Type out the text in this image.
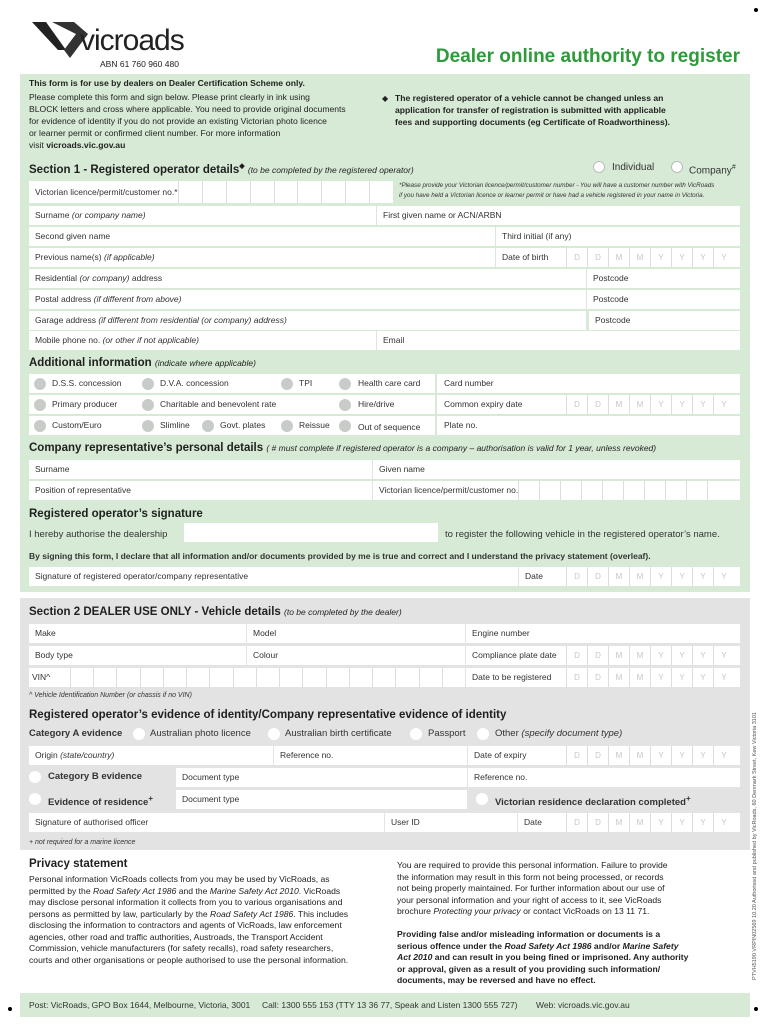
vicroads
ABN 61 760 960 480	Dealer online authority to register
This form is for use by dealers on Dealer Certification Scheme only.
Please complete this form and sign below. Please print clearly in ink using
BLOCK letters and cross where applicable. You need to provide original documents
for evidence of identity if you do not provide an existing Victorian photo licence
or learner permit or confirmed client number. For more information
visit vicroads.vic.gov.au
◆ The registered operator of a vehicle cannot be changed unless an
application for transfer of registration is submitted with applicable
fees and supporting documents (eg Certificate of Roadworthiness).
Section 1 - Registered operator details◆ (to be completed by the registered operator)	Individual	Company#
Victorian licence/permit/customer no.*
*Please provide your Victorian licence/permit/customer number - You will have a customer number with VicRoads
if you have held a Victorian licence or learner permit or have had a vehicle registered in your name in Victoria.
Surname (or company name)	First given name or ACN/ARBN
Second given name	Third initial (if any)
Previous name(s) (if applicable)	Date of birth	D	D	M	M	Y	Y	Y	Y
Residential (or company) address	Postcode
Postal address (if different from above)	Postcode
Garage address (if different from residential (or company) address)	Postcode
Mobile phone no. (or other if not applicable)	Email
Additional information (indicate where applicable)
D.S.S. concession	D.V.A. concession	TPI	Health care card	Card number
Primary producer	Charitable and benevolent rate	Hire/drive	Common expiry date	D	D	M	M	Y	Y	Y	Y
Custom/Euro	Slimline	Govt. plates	Reissue	Out of sequence	Plate no.
Company representative’s personal details ( # must complete if registered operator is a company – authorisation is valid for 1 year, unless revoked)
Surname	Given name
Position of representative	Victorian licence/permit/customer no.
Registered operator’s signature
I hereby authorise the dealership	to register the following vehicle in the registered operator’s name.
By signing this form, I declare that all information and/or documents provided by me is true and correct and I understand the privacy statement (overleaf).
Signature of registered operator/company representative	Date	D	D	M	M	Y	Y	Y	Y
Section 2 DEALER USE ONLY - Vehicle details (to be completed by the dealer)
Make	Model	Engine number
Body type	Colour	Compliance plate date	D	D	M	M	Y	Y	Y	Y
VIN^	Date to be registered	D	D	M	M	Y	Y	Y	Y
^ Vehicle Identification Number (or chassis if no VIN)
Registered operator’s evidence of identity/Company representative evidence of identity
Category A evidence	Australian photo licence	Australian birth certificate	Passport	Other (specify document type)
Origin (state/country)	Reference no.	Date of expiry	D	D	M	M	Y	Y	Y	Y
Category B evidence	Document type	Reference no.
Evidence of residence+	Document type	Victorian residence declaration completed+
Signature of authorised officer	User ID	Date	D	D	M	M	Y	Y	Y	Y
+ not required for a marine licence
Privacy statement
Personal information VicRoads collects from you may be used by VicRoads, as
permitted by the Road Safety Act 1986 and the Marine Safety Act 2010. VicRoads
may disclose personal information it collects from you to various organisations and
persons as permitted by law, particularly by the Road Safety Act 1986. This includes
disclosing the information to contractors and agents of VicRoads, law enforcement
agencies, other road and traffic authorities, Austroads, the Transport Accident
Commission, vehicle manufacturers (for safety recalls), road safety researchers,
courts and other organisations or people authorised to use the personal information.
You are required to provide this personal information. Failure to provide
the information may result in this form not being processed, or records
not being properly maintained. For further information about our use of
your personal information and your right of access to it, see VicRoads
brochure Protecting your privacy or contact VicRoads on 13 11 71.
Providing false and/or misleading information or documents is a
serious offence under the Road Safety Act 1986 and/or Marine Safety
Act 2010 and can result in you being fined or imprisoned. Any authority
or approval, given as a result of you providing such information/
documents, may be reversed and have no effect.
Post: VicRoads, GPO Box 1644, Melbourne, Victoria, 3001 Call: 1300 555 153 (TTY 13 36 77, Speak and Listen 1300 555 727) Web: vicroads.vic.gov.au
PTVH5190 VRPIN02569 10.20 Authorised and published by VicRoads, 60 Denmark Street, Kew Victoria 3101
